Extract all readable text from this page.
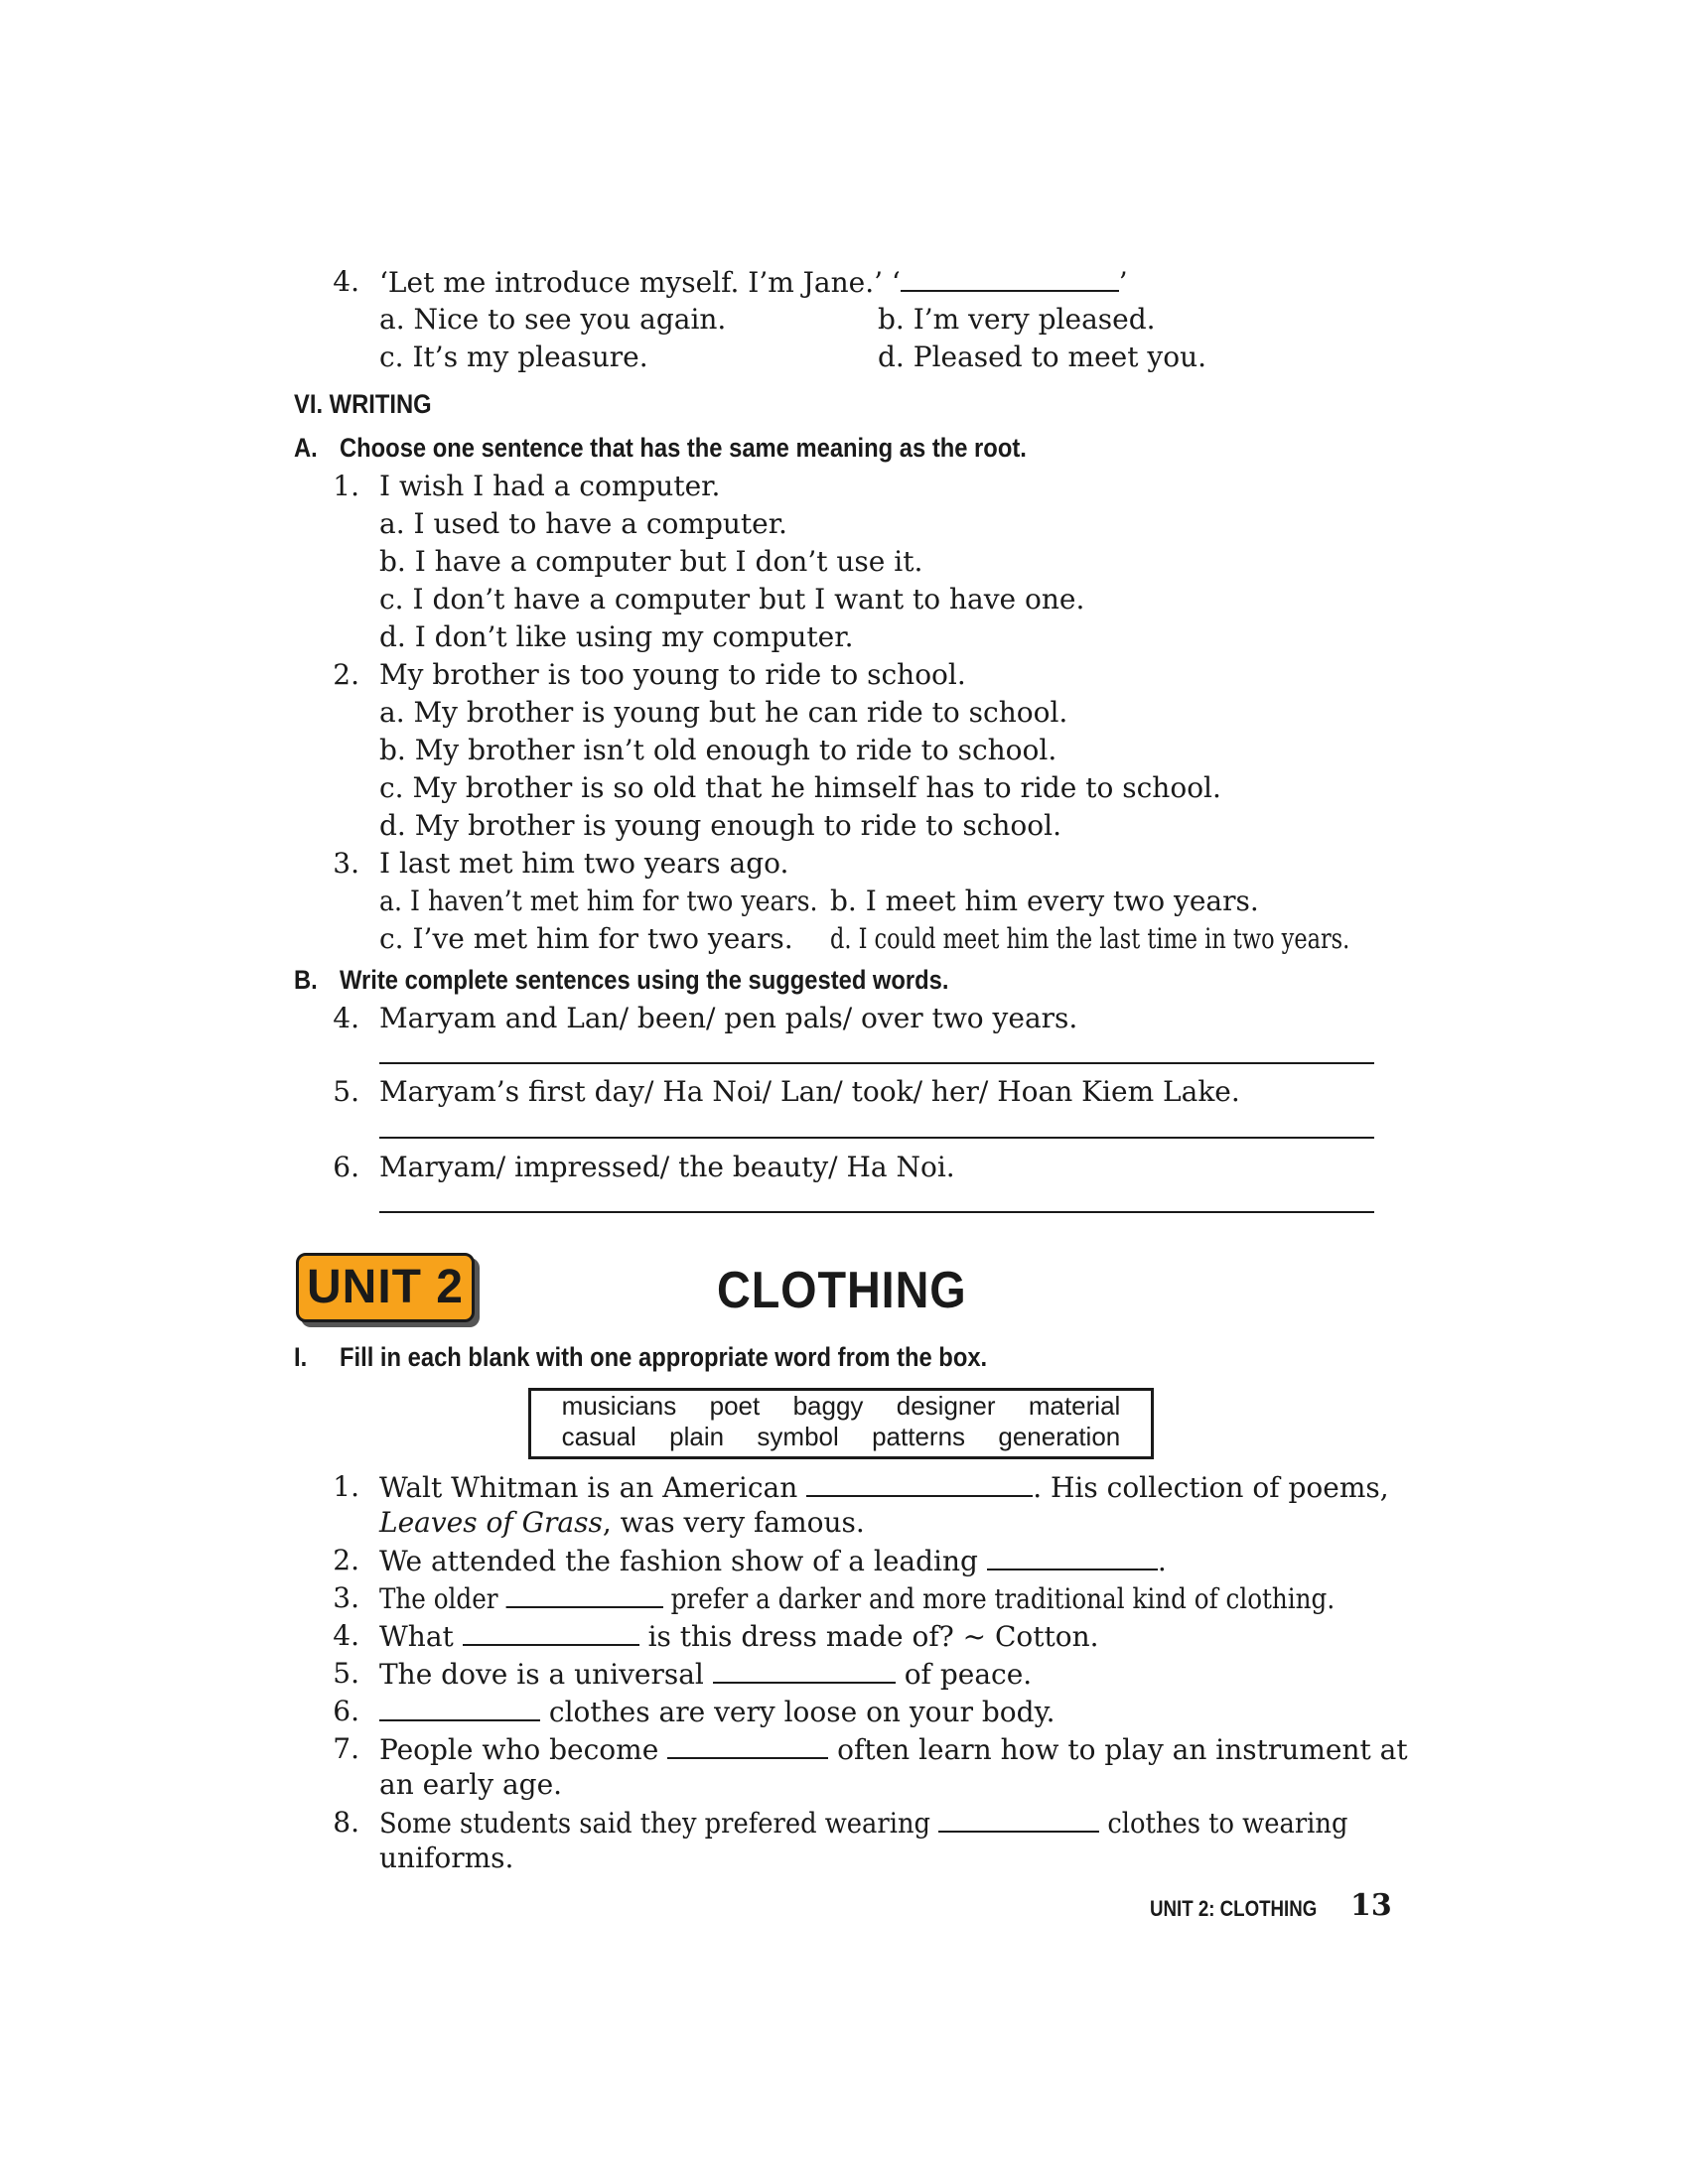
4. ‘Let me introduce myself. I’m Jane.’ ‘	’
a. Nice to see you again.	b. I’m very pleased.
c. It’s my pleasure.	d. Pleased to meet you.
VI. WRITING
A. Choose one sentence that has the same meaning as the root.
1. I wish I had a computer.
a. I used to have a computer.
b. I have a computer but I don’t use it.
c. I don’t have a computer but I want to have one.
d. I don’t like using my computer.
2. My brother is too young to ride to school.
a. My brother is young but he can ride to school.
b. My brother isn’t old enough to ride to school.
c. My brother is so old that he himself has to ride to school.
d. My brother is young enough to ride to school.
3. I last met him two years ago.
a. I haven’t met him for two years. b. I meet him every two years.
c. I’ve met him for two years. d. I could meet him the last time in two years.
B. Write complete sentences using the suggested words.
4. Maryam and Lan/ been/ pen pals/ over two years.
5. Maryam’s first day/ Ha Noi/ Lan/ took/ her/ Hoan Kiem Lake.
6. Maryam/ impressed/ the beauty/ Ha Noi.
UNIT 2	CLOTHING
I. Fill in each blank with one appropriate word from the box.
musicians poet baggy designer material
casual plain symbol patterns generation
1. Walt Whitman is an American	. His collection of poems,
Leaves of Grass, was very famous.
2. We attended the fashion show of a leading	.
3. The older	prefer a darker and more traditional kind of clothing.
4. What	is this dress made of? ~ Cotton.
5. The dove is a universal	of peace.
6.	clothes are very loose on your body.
7. People who become	often learn how to play an instrument at
an early age.
8. Some students said they prefered wearing	clothes to wearing
uniforms.
UNIT 2: CLOTHING 13
